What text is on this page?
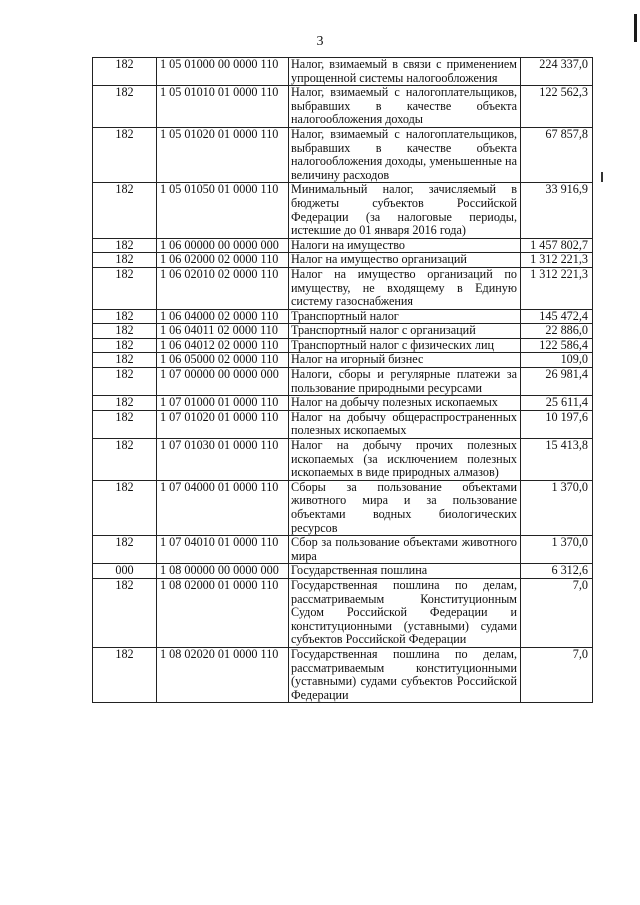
3
182	1 05 01000 00 0000 110	Налог, взимаемый в связи с применением упрощенной системы налогообложения	224 337,0
182	1 05 01010 01 0000 110	Налог, взимаемый с налогоплательщиков, выбравших в качестве объекта налогообложения доходы	122 562,3
182	1 05 01020 01 0000 110	Налог, взимаемый с налогоплательщиков, выбравших в качестве объекта налогообложения доходы, уменьшенные на величину расходов	67 857,8
182	1 05 01050 01 0000 110	Минимальный налог, зачисляемый в бюджеты субъектов Российской Федерации (за налоговые периоды, истекшие до 01 января 2016 года)	33 916,9
182	1 06 00000 00 0000 000	Налоги на имущество	1 457 802,7
182	1 06 02000 02 0000 110	Налог на имущество организаций	1 312 221,3
182	1 06 02010 02 0000 110	Налог на имущество организаций по имуществу, не входящему в Единую систему газоснабжения	1 312 221,3
182	1 06 04000 02 0000 110	Транспортный налог	145 472,4
182	1 06 04011 02 0000 110	Транспортный налог с организаций	22 886,0
182	1 06 04012 02 0000 110	Транспортный налог с физических лиц	122 586,4
182	1 06 05000 02 0000 110	Налог на игорный бизнес	109,0
182	1 07 00000 00 0000 000	Налоги, сборы и регулярные платежи за пользование природными ресурсами	26 981,4
182	1 07 01000 01 0000 110	Налог на добычу полезных ископаемых	25 611,4
182	1 07 01020 01 0000 110	Налог на добычу общераспространенных полезных ископаемых	10 197,6
182	1 07 01030 01 0000 110	Налог на добычу прочих полезных ископаемых (за исключением полезных ископаемых в виде природных алмазов)	15 413,8
182	1 07 04000 01 0000 110	Сборы за пользование объектами животного мира и за пользование объектами водных биологических ресурсов	1 370,0
182	1 07 04010 01 0000 110	Сбор за пользование объектами животного мира	1 370,0
000	1 08 00000 00 0000 000	Государственная пошлина	6 312,6
182	1 08 02000 01 0000 110	Государственная пошлина по делам, рассматриваемым Конституционным Судом Российской Федерации и конституционными (уставными) судами субъектов Российской Федерации	7,0
182	1 08 02020 01 0000 110	Государственная пошлина по делам, рассматриваемым конституционными (уставными) судами субъектов Российской Федерации	7,0
